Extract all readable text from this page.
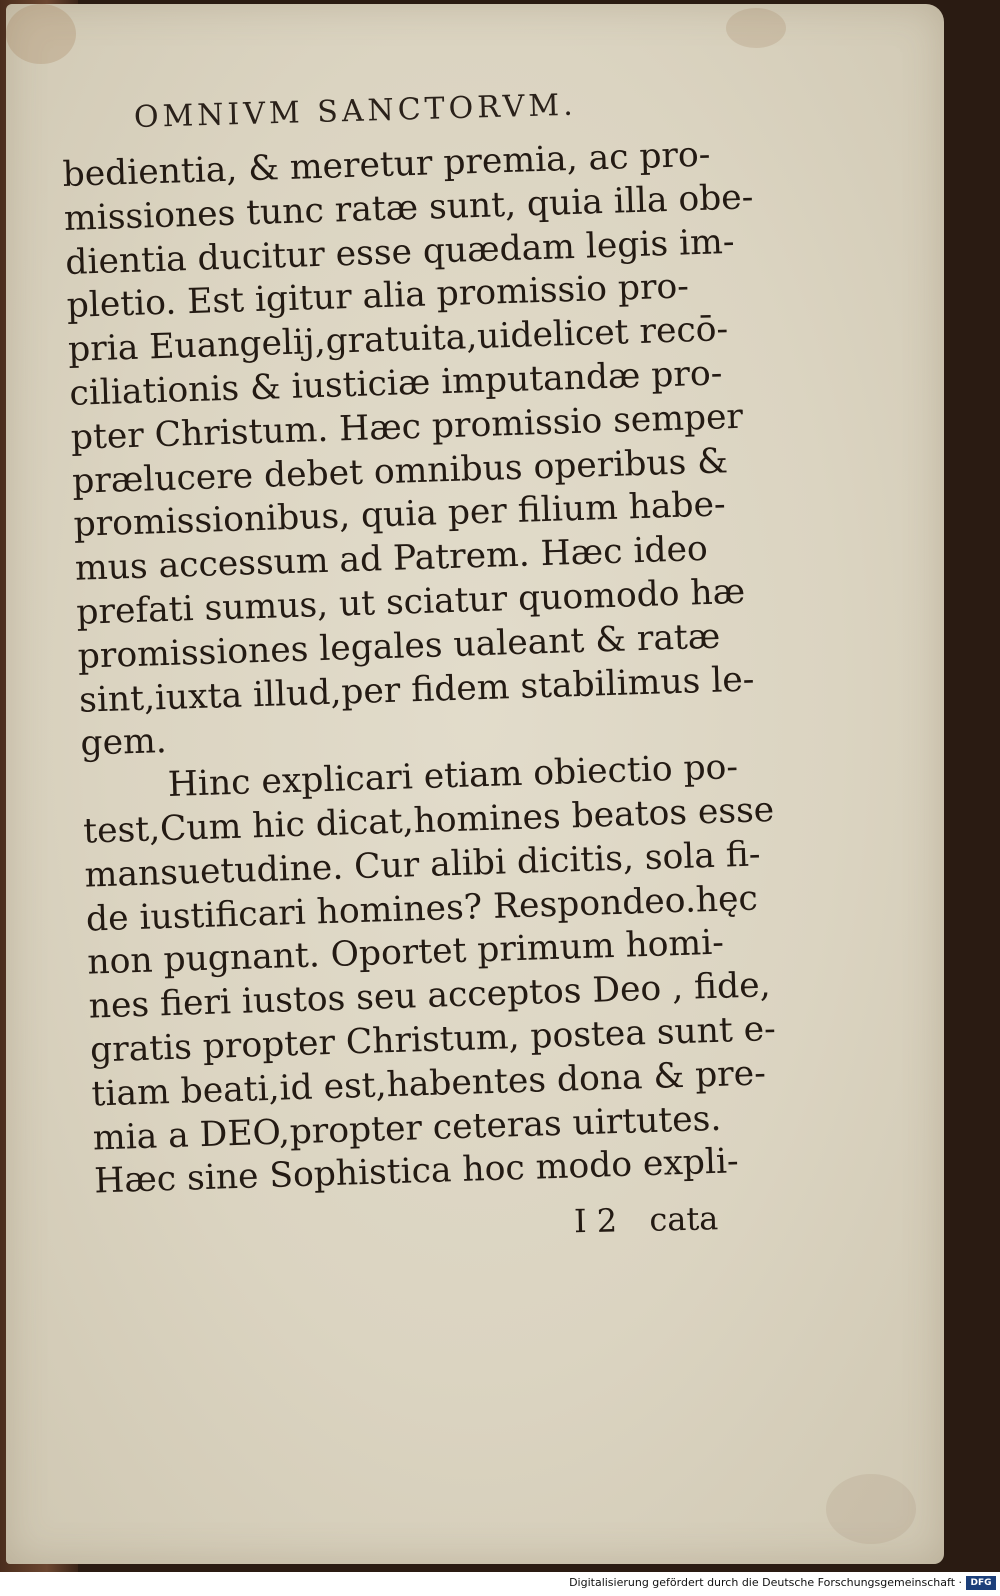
OMNIVM SANCTORVM.
bedientia, & meretur premia, ac pro-
missiones tunc ratæ sunt, quia illa obe-
dientia ducitur esse quædam legis im-
pletio. Est igitur alia promissio pro-
pria Euangelij,gratuita,uidelicet recō-
ciliationis & iusticiæ imputandæ pro-
pter Christum. Hæc promissio semper
prælucere debet omnibus operibus &
promissionibus, quia per filium habe-
mus accessum ad Patrem. Hæc ideo
prefati sumus, ut sciatur quomodo hæ
promissiones legales ualeant & ratæ
sint,iuxta illud,per fidem stabilimus le-
gem.
Hinc explicari etiam obiectio po-
test,Cum hic dicat,homines beatos esse
mansuetudine. Cur alibi dicitis, sola fi-
de iustificari homines? Respondeo.hęc
non pugnant. Oportet primum homi-
nes fieri iustos seu acceptos Deo , fide,
gratis propter Christum, postea sunt e-
tiam beati,id est,habentes dona & pre-
mia a DEO,propter ceteras uirtutes.
Hæc sine Sophistica hoc modo expli-
I 2 cata
Digitalisierung gefördert durch die Deutsche Forschungsgemeinschaft · DFG
